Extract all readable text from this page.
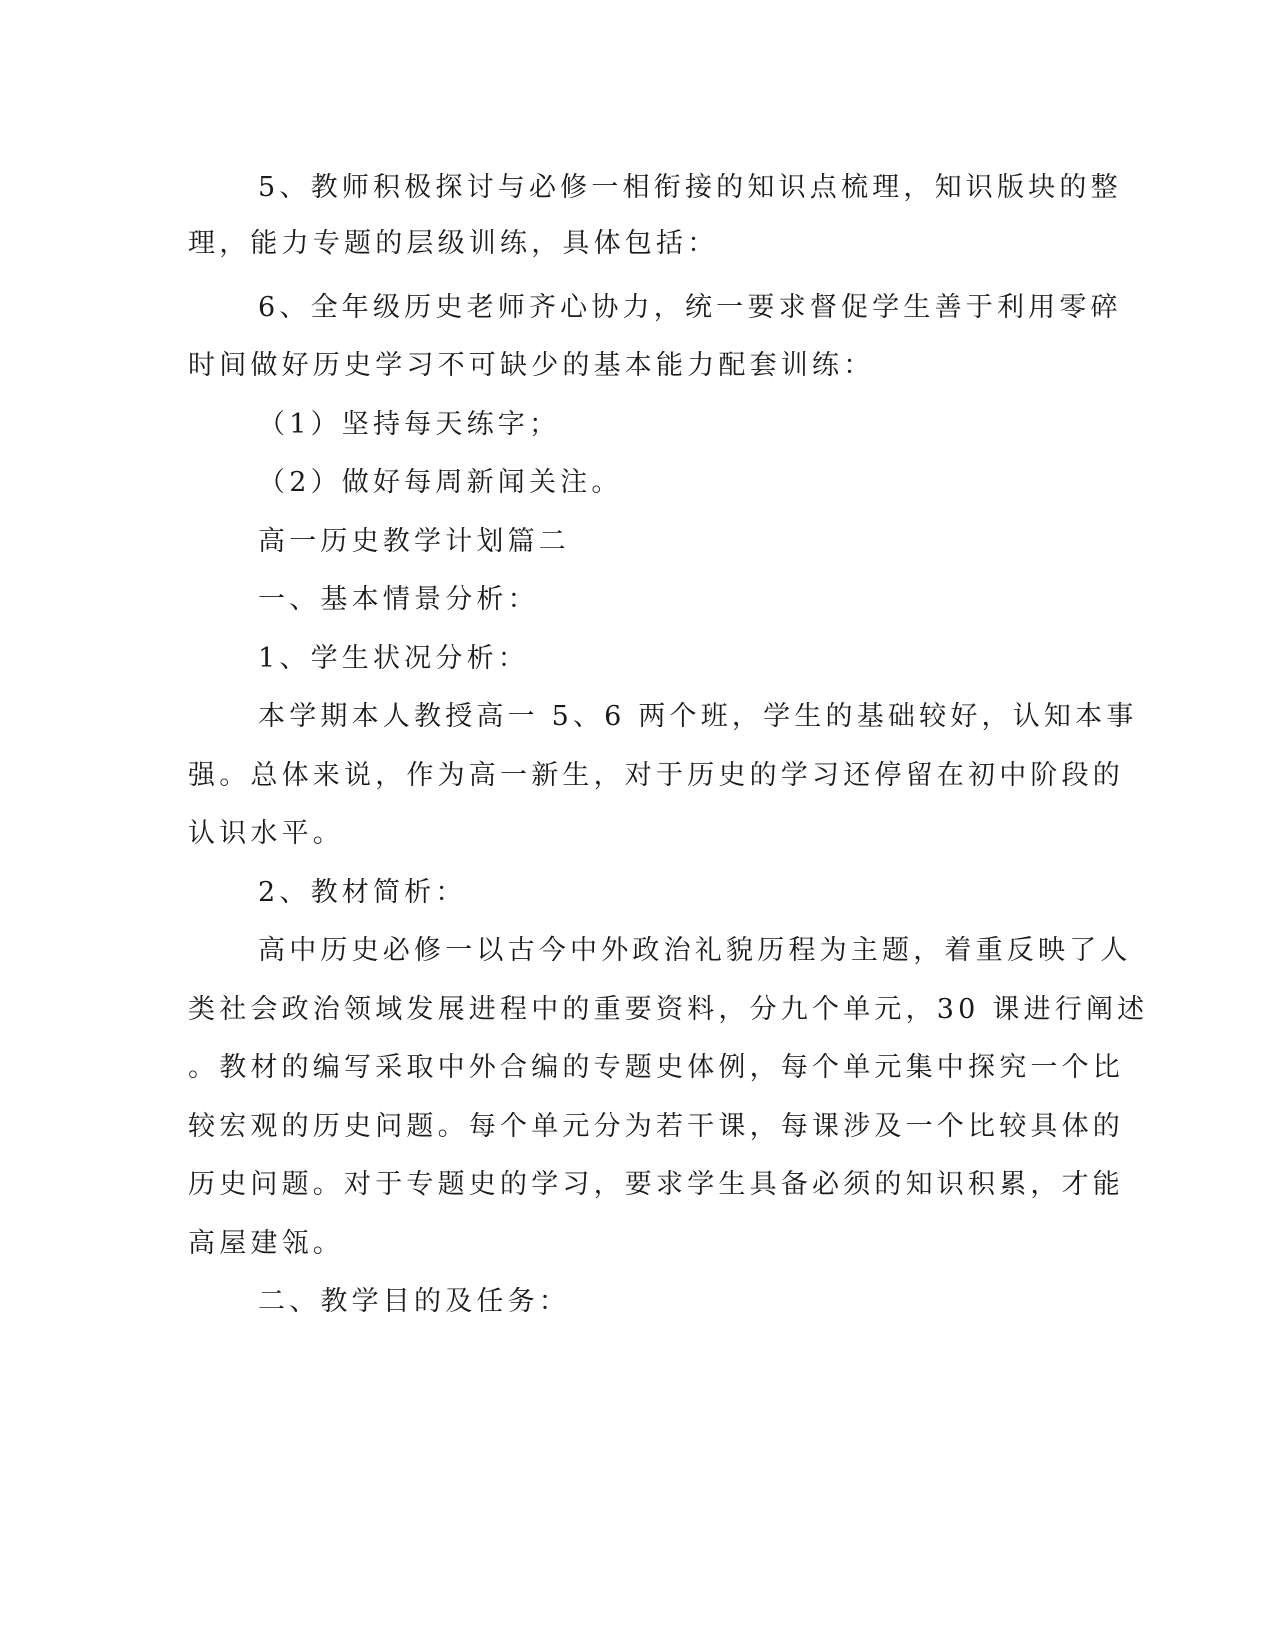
5、教师积极探讨与必修一相衔接的知识点梳理，知识版块的整
理，能力专题的层级训练，具体包括：
6、全年级历史老师齐心协力，统一要求督促学生善于利用零碎
时间做好历史学习不可缺少的基本能力配套训练：
（1）坚持每天练字；
（2）做好每周新闻关注。
高一历史教学计划篇二
一、基本情景分析：
1、学生状况分析：
本学期本人教授高一 5、6 两个班，学生的基础较好，认知本事
强。总体来说，作为高一新生，对于历史的学习还停留在初中阶段的
认识水平。
2、教材简析：
高中历史必修一以古今中外政治礼貌历程为主题，着重反映了人
类社会政治领域发展进程中的重要资料，分九个单元，30 课进行阐述
。教材的编写采取中外合编的专题史体例，每个单元集中探究一个比
较宏观的历史问题。每个单元分为若干课，每课涉及一个比较具体的
历史问题。对于专题史的学习，要求学生具备必须的知识积累，才能
高屋建瓴。
二、教学目的及任务：
